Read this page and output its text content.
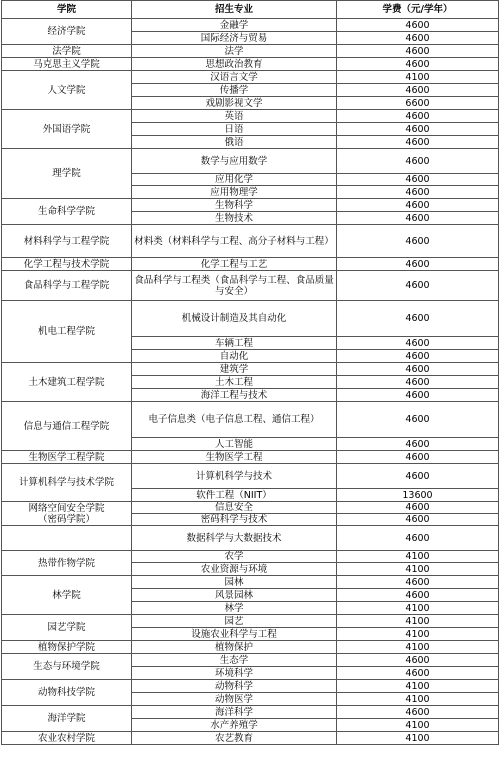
学院	招生专业	学费（元/学年）
经济学院	金融学	4600
	国际经济与贸易	4600
法学院	法学	4600
马克思主义学院	思想政治教育	4600
人文学院	汉语言文学	4100
	传播学	4600
	戏剧影视文学	6600
外国语学院	英语	4600
	日语	4600
	俄语	4600
理学院	数学与应用数学	4600
	应用化学	4600
	应用物理学	4600
生命科学学院	生物科学	4600
	生物技术	4600
材料科学与工程学院	材料类（材料科学与工程、高分子材料与工程）	4600
化学工程与技术学院	化学工程与工艺	4600
食品科学与工程学院	食品科学与工程类（食品科学与工程、食品质量与安全）	4600
机电工程学院	机械设计制造及其自动化	4600
	车辆工程	4600
	自动化	4600
土木建筑工程学院	建筑学	4600
	土木工程	4600
	海洋工程与技术	4600
信息与通信工程学院	电子信息类（电子信息工程、通信工程）	4600
	人工智能	4600
生物医学工程学院	生物医学工程	4600
计算机科学与技术学院	计算机科学与技术	4600
	软件工程（NIIT）	13600
网络空间安全学院
（密码学院）	信息安全	4600
	密码科学与技术	4600
	数据科学与大数据技术	4600
热带作物学院	农学	4100
	农业资源与环境	4100
林学院	园林	4600
	风景园林	4600
	林学	4100
园艺学院	园艺	4100
	设施农业科学与工程	4100
植物保护学院	植物保护	4100
生态与环境学院	生态学	4600
	环境科学	4600
动物科技学院	动物科学	4100
	动物医学	4100
海洋学院	海洋科学	4600
	水产养殖学	4100
农业农村学院	农艺教育	4100
